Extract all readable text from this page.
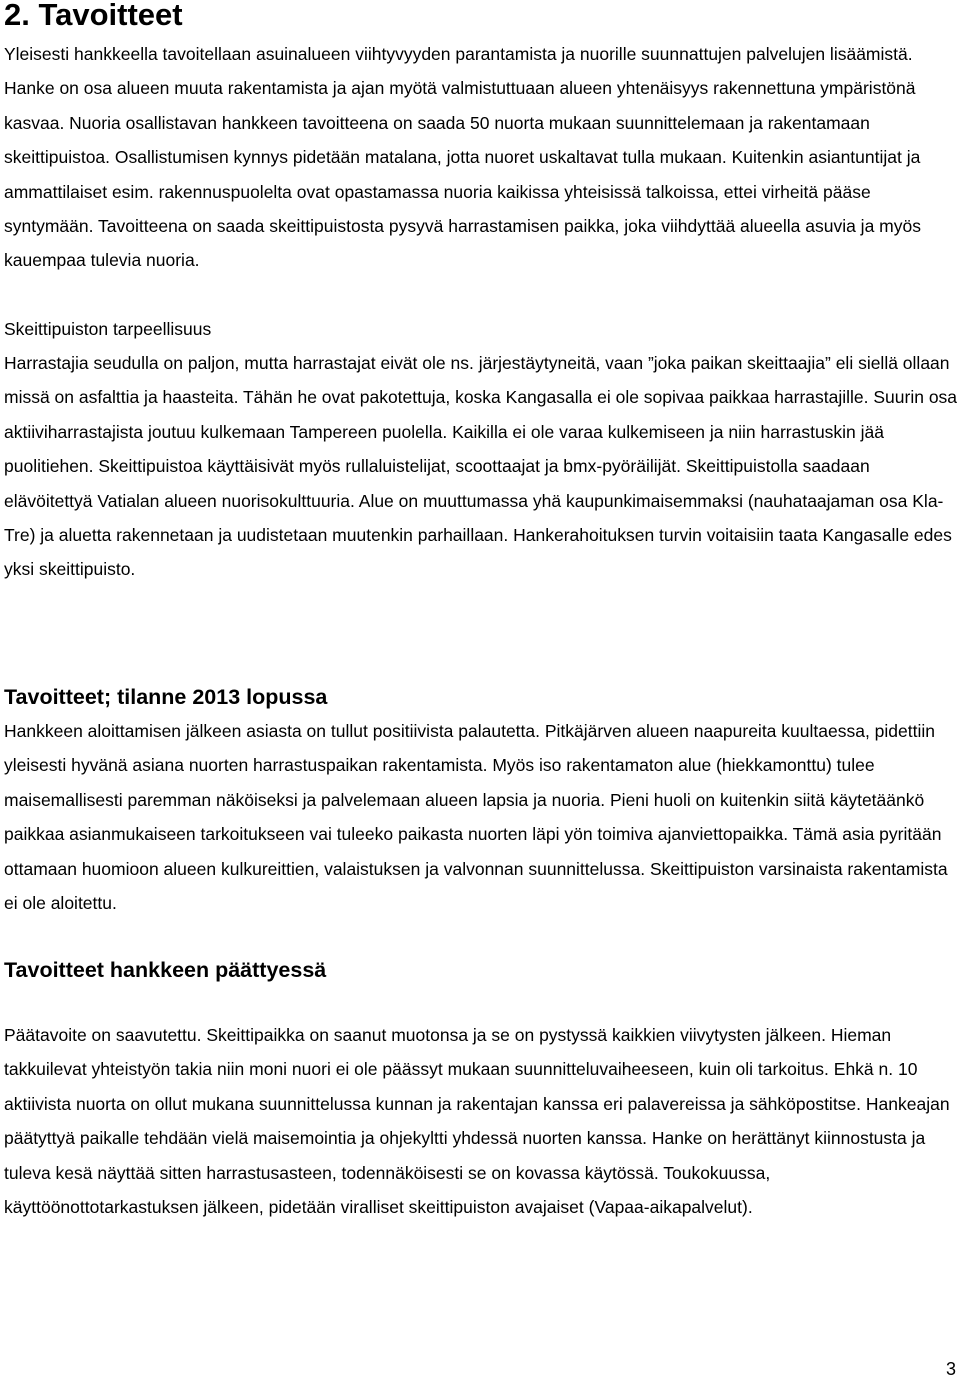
2. Tavoitteet

Yleisesti hankkeella tavoitellaan asuinalueen viihtyvyyden parantamista ja nuorille suunnattujen palvelujen lisäämistä. Hanke on osa alueen muuta rakentamista ja ajan myötä valmistuttuaan alueen yhtenäisyys rakennettuna ympäristönä kasvaa. Nuoria osallistavan hankkeen tavoitteena on saada 50 nuorta mukaan suunnittelemaan ja rakentamaan skeittipuistoa. Osallistumisen kynnys pidetään matalana, jotta nuoret uskaltavat tulla mukaan. Kuitenkin asiantuntijat ja ammattilaiset esim. rakennuspuolelta ovat opastamassa nuoria kaikissa yhteisissä talkoissa, ettei virheitä pääse syntymään. Tavoitteena on saada skeittipuistosta pysyvä harrastamisen paikka, joka viihdyttää alueella asuvia ja myös kauempaa tulevia nuoria.

Skeittipuiston tarpeellisuus

Harrastajia seudulla on paljon, mutta harrastajat eivät ole ns. järjestäytyneitä, vaan ”joka paikan skeittaajia” eli siellä ollaan missä on asfalttia ja haasteita. Tähän he ovat pakotettuja, koska Kangasalla ei ole sopivaa paikkaa harrastajille. Suurin osa aktiiviharrastajista joutuu kulkemaan Tampereen puolella. Kaikilla ei ole varaa kulkemiseen ja niin harrastuskin jää puolitiehen. Skeittipuistoa käyttäisivät myös rullaluistelijat, scoottaajat ja bmx-pyöräilijät. Skeittipuistolla saadaan elävöitettyä Vatialan alueen nuorisokulttuuria. Alue on muuttumassa yhä kaupunkimaisemmaksi (nauhataajaman osa Kla-Tre) ja aluetta rakennetaan ja uudistetaan muutenkin parhaillaan. Hankerahoituksen turvin voitaisiin taata Kangasalle edes yksi skeittipuisto.

Tavoitteet; tilanne 2013 lopussa

Hankkeen aloittamisen jälkeen asiasta on tullut positiivista palautetta. Pitkäjärven alueen naapureita kuultaessa, pidettiin yleisesti hyvänä asiana nuorten harrastuspaikan rakentamista. Myös iso rakentamaton alue (hiekkamonttu) tulee maisemallisesti paremman näköiseksi ja palvelemaan alueen lapsia ja nuoria. Pieni huoli on kuitenkin siitä käytetäänkö paikkaa asianmukaiseen tarkoitukseen vai tuleeko paikasta nuorten läpi yön toimiva ajanviettopaikka. Tämä asia pyritään ottamaan huomioon alueen kulkureittien, valaistuksen ja valvonnan suunnittelussa. Skeittipuiston varsinaista rakentamista ei ole aloitettu.

Tavoitteet hankkeen päättyessä

Päätavoite on saavutettu. Skeittipaikka on saanut muotonsa ja se on pystyssä kaikkien viivytysten jälkeen. Hieman takkuilevat yhteistyön takia niin moni nuori ei ole päässyt mukaan suunnitteluvaiheeseen, kuin oli tarkoitus. Ehkä n. 10 aktiivista nuorta on ollut mukana suunnittelussa kunnan ja rakentajan kanssa eri palavereissa ja sähköpostitse. Hankeajan päätyttyä paikalle tehdään vielä maisemointia ja ohjekyltti yhdessä nuorten kanssa. Hanke on herättänyt kiinnostusta ja tuleva kesä näyttää sitten harrastusasteen, todennäköisesti se on kovassa käytössä. Toukokuussa, käyttöönottotarkastuksen jälkeen, pidetään viralliset skeittipuiston avajaiset (Vapaa-aikapalvelut).

3
